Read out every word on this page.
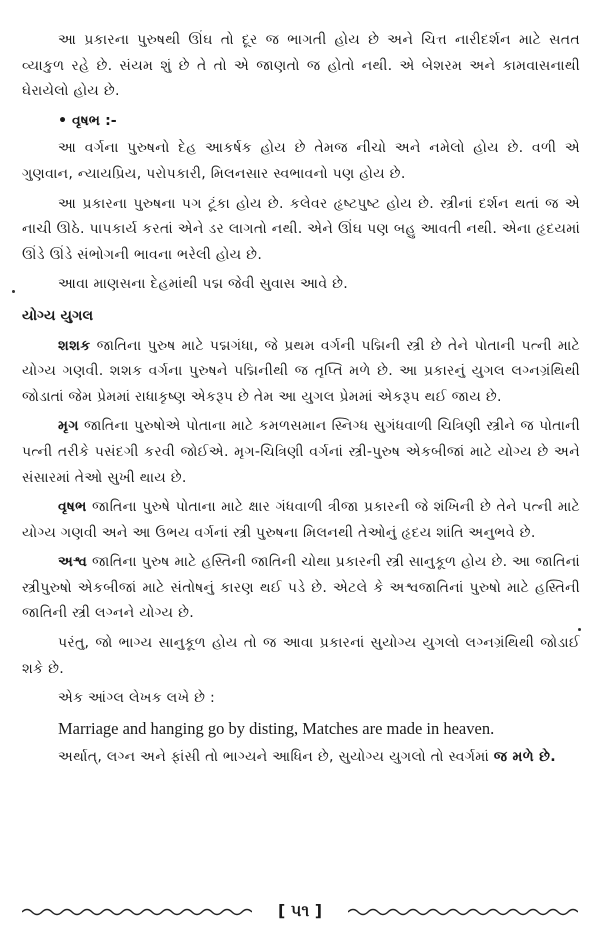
આ પ્રકારના પુરુષથી ઊંઘ તો દૂર જ ભાગતી હોય છે અને ચિત્ત નારીદર્શન માટે સતત વ્યાકુળ રહે છે. સંયમ શું છે તે તો એ જાણતો જ હોતો નથી. એ બેશરમ અને કામવાસનાથી ઘેરાયેલો હોય છે.
• વૃષભ :-
આ વર્ગના પુરુષનો દેહ આકર્ષક હોય છે તેમજ નીચો અને નમેલો હોય છે. વળી એ ગુણવાન, ન્યાયપ્રિય, પરોપકારી, મિલનસાર સ્વભાવનો પણ હોય છે.
આ પ્રકારના પુરુષના પગ ટૂંકા હોય છે. કલેવર હૃષ્ટપુષ્ટ હોય છે. સ્ત્રીનાં દર્શન થતાં જ એ નાચી ઊઠે. પાપકાર્ય કરતાં એને ડર લાગતો નથી. એને ઊંઘ પણ બહુ આવતી નથી. એના હૃદયમાં ઊંડે ઊંડે સંભોગની ભાવના ભરેલી હોય છે.
આવા માણસના દેહમાંથી પદ્મ જેવી સુવાસ આવે છે.
યોગ્ય યુગલ
શશક જાતિના પુરુષ માટે પદ્મગંધા, જે પ્રથમ વર્ગની પદ્મિની સ્ત્રી છે તેને પોતાની પત્ની માટે યોગ્ય ગણવી. શશક વર્ગના પુરુષને પદ્મિનીથી જ તૃપ્તિ મળે છે. આ પ્રકારનું યુગલ લગ્નગ્રંથિથી જોડાતાં જેમ પ્રેમમાં રાધાકૃષ્ણ એકરૂપ છે તેમ આ યુગલ પ્રેમમાં એકરૂપ થઈ જાય છે.
મૃગ જાતિના પુરુષોએ પોતાના માટે કમળસમાન સ્નિગ્ધ સુગંધવાળી ચિત્રિણી સ્ત્રીને જ પોતાની પત્ની તરીકે પસંદગી કરવી જોઈએ. મૃગ-ચિત્રિણી વર્ગનાં સ્ત્રી-પુરુષ એકબીજાં માટે યોગ્ય છે અને સંસારમાં તેઓ સુખી થાય છે.
વૃષભ જાતિના પુરુષે પોતાના માટે ક્ષાર ગંધવાળી ત્રીજા પ્રકારની જે શંખિની છે તેને પત્ની માટે યોગ્ય ગણવી અને આ ઉભય વર્ગનાં સ્ત્રી પુરુષના મિલનથી તેઓનું હૃદય શાંતિ અનુભવે છે.
અશ્વ જાતિના પુરુષ માટે હસ્તિની જાતિની ચોથા પ્રકારની સ્ત્રી સાનુકૂળ હોય છે. આ જાતિનાં સ્ત્રીપુરુષો એકબીજાં માટે સંતોષનું કારણ થઈ પડે છે. એટલે કે અશ્વજાતિનાં પુરુષો માટે હસ્તિની જાતિની સ્ત્રી લગ્નને યોગ્ય છે.
પરંતુ, જો ભાગ્ય સાનુકૂળ હોય તો જ આવા પ્રકારનાં સુયોગ્ય યુગલો લગ્નગ્રંથિથી જોડાઈ શકે છે.
એક આંગ્લ લેખક લખે છે :
Marriage and hanging go by disting, Matches are made in heaven.
અર્થાત્, લગ્ન અને ફાંસી તો ભાગ્યને આધિન છે, સુયોગ્ય યુગલો તો સ્વર્ગમાં જ મળે છે.
[ ૫૧ ]
